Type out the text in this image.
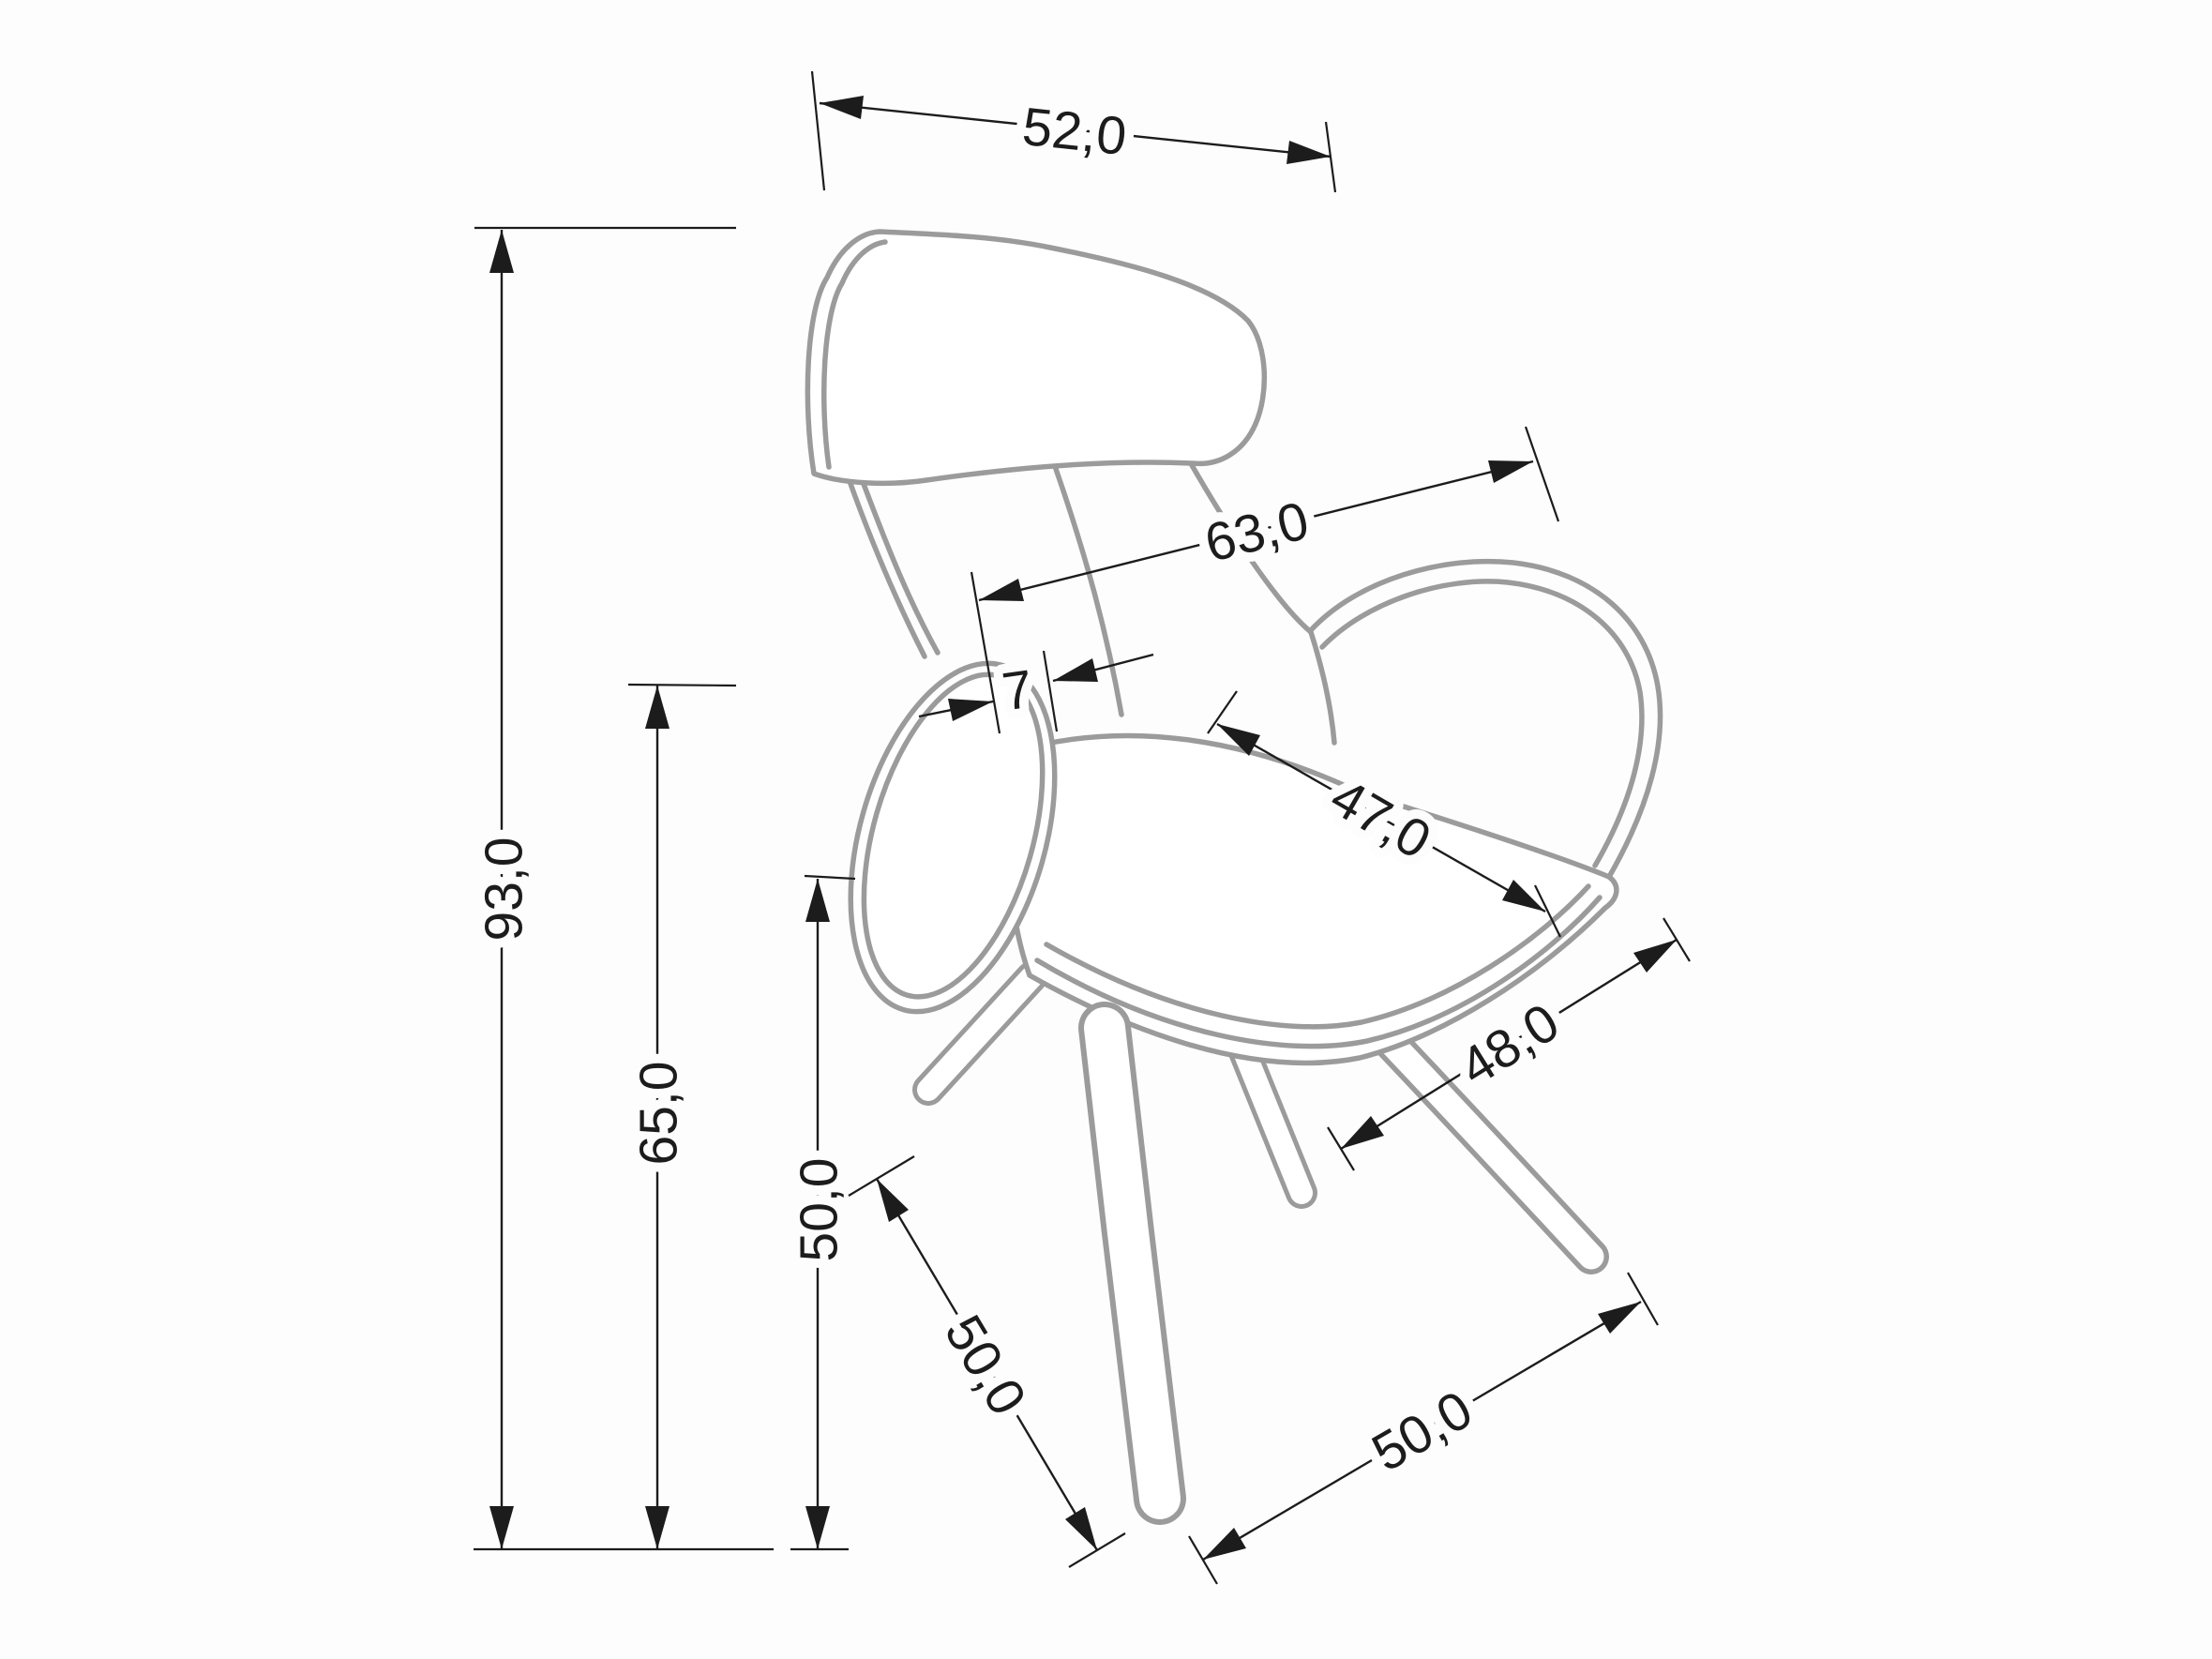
52,0
93,0
65,0
50,0
63,0
7
47,0
48,0
50,0
50,0
